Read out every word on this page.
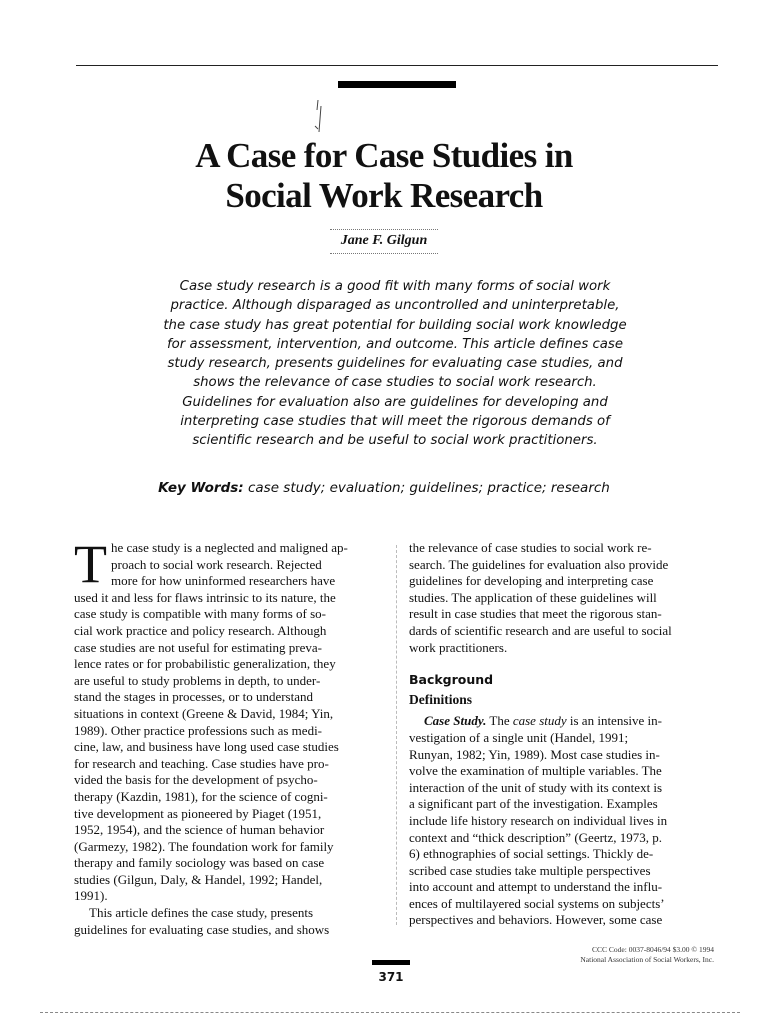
A Case for Case Studies in
Social Work Research
Jane F. Gilgun
Case study research is a good fit with many forms of social work
practice. Although disparaged as uncontrolled and uninterpretable,
the case study has great potential for building social work knowledge
for assessment, intervention, and outcome. This article defines case
study research, presents guidelines for evaluating case studies, and
shows the relevance of case studies to social work research.
Guidelines for evaluation also are guidelines for developing and
interpreting case studies that will meet the rigorous demands of
scientific research and be useful to social work practitioners.
Key Words: case study; evaluation; guidelines; practice; research
T he case study is a neglected and maligned ap-
proach to social work research. Rejected
more for how uninformed researchers have
used it and less for flaws intrinsic to its nature, the
case study is compatible with many forms of so-
cial work practice and policy research. Although
case studies are not useful for estimating preva-
lence rates or for probabilistic generalization, they
are useful to study problems in depth, to under-
stand the stages in processes, or to understand
situations in context (Greene & David, 1984; Yin,
1989). Other practice professions such as medi-
cine, law, and business have long used case studies
for research and teaching. Case studies have pro-
vided the basis for the development of psycho-
therapy (Kazdin, 1981), for the science of cogni-
tive development as pioneered by Piaget (1951,
1952, 1954), and the science of human behavior
(Garmezy, 1982). The foundation work for family
therapy and family sociology was based on case
studies (Gilgun, Daly, & Handel, 1992; Handel,
1991).
This article defines the case study, presents
guidelines for evaluating case studies, and shows
the relevance of case studies to social work re-
search. The guidelines for evaluation also provide
guidelines for developing and interpreting case
studies. The application of these guidelines will
result in case studies that meet the rigorous stan-
dards of scientific research and are useful to social
work practitioners.
Background
Definitions
Case Study. The case study is an intensive in-
vestigation of a single unit (Handel, 1991;
Runyan, 1982; Yin, 1989). Most case studies in-
volve the examination of multiple variables. The
interaction of the unit of study with its context is
a significant part of the investigation. Examples
include life history research on individual lives in
context and “thick description” (Geertz, 1973, p.
6) ethnographies of social settings. Thickly de-
scribed case studies take multiple perspectives
into account and attempt to understand the influ-
ences of multilayered social systems on subjects’
perspectives and behaviors. However, some case
CCC Code: 0037-8046/94 $3.00 © 1994
National Association of Social Workers, Inc.
371
